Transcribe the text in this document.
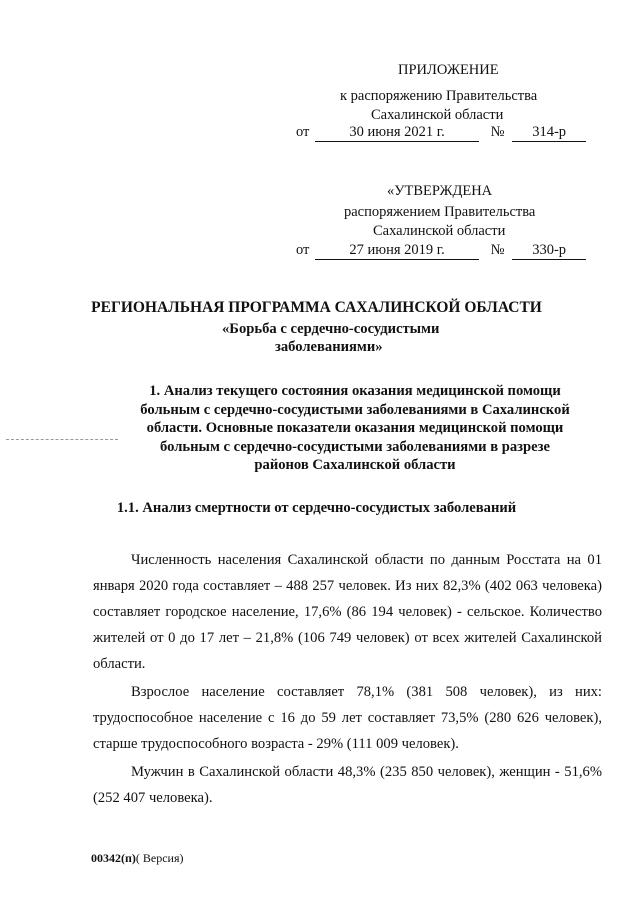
ПРИЛОЖЕНИЕ
к распоряжению Правительства
Сахалинской области
от	30 июня 2021 г.	№ 314-р
«УТВЕРЖДЕНА
распоряжением Правительства
Сахалинской области
от	27 июня 2019 г.	№ 330-р
РЕГИОНАЛЬНАЯ ПРОГРАММА САХАЛИНСКОЙ ОБЛАСТИ
«Борьба с сердечно-сосудистыми
заболеваниями»
1. Анализ текущего состояния оказания медицинской помощи
больным с сердечно-сосудистыми заболеваниями в Сахалинской
области. Основные показатели оказания медицинской помощи
больным с сердечно-сосудистыми заболеваниями в разрезе
районов Сахалинской области
1.1. Анализ смертности от сердечно-сосудистых заболеваний

Численность населения Сахалинской области по данным Росстата на 01 января 2020 года составляет – 488 257 человек. Из них 82,3% (402 063 человека) составляет городское население, 17,6% (86 194 человек) - сельское. Количество жителей от 0 до 17 лет – 21,8% (106 749 человек) от всех жителей Сахалинской области.

Взрослое население составляет 78,1% (381 508 человек), из них: трудоспособное население с 16 до 59 лет составляет 73,5% (280 626 человек), старше трудоспособного возраста - 29% (111 009 человек).

Мужчин в Сахалинской области 48,3% (235 850 человек), женщин - 51,6% (252 407 человека).

00342(п)( Версия)
